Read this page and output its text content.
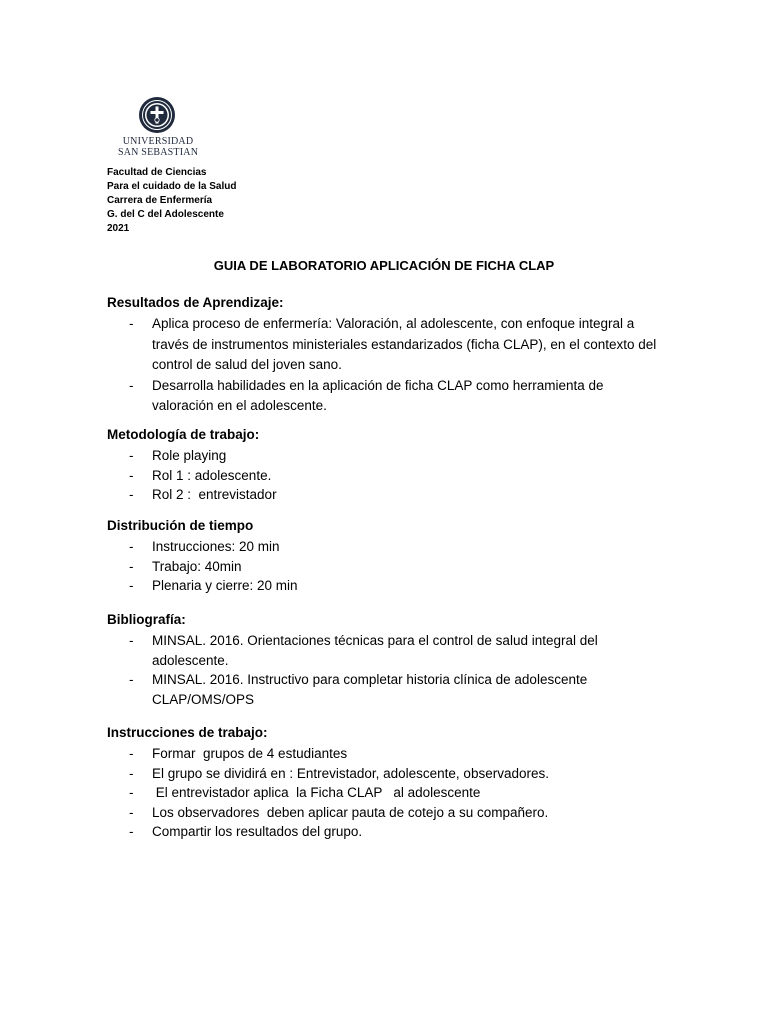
UNIVERSIDAD
SAN SEBASTIAN
Facultad de Ciencias
Para el cuidado de la Salud
Carrera de Enfermería
G. del C del Adolescente
2021
GUIA DE LABORATORIO APLICACIÓN DE FICHA CLAP
Resultados de Aprendizaje:
- Aplica proceso de enfermería: Valoración, al adolescente, con enfoque integral a través de instrumentos ministeriales estandarizados (ficha CLAP), en el contexto del control de salud del joven sano.
- Desarrolla habilidades en la aplicación de ficha CLAP como herramienta de valoración en el adolescente.
Metodología de trabajo:
- Role playing
- Rol 1 : adolescente.
- Rol 2 :  entrevistador
Distribución de tiempo
- Instrucciones: 20 min
- Trabajo: 40min
- Plenaria y cierre: 20 min
Bibliografía:
- MINSAL. 2016. Orientaciones técnicas para el control de salud integral del adolescente.
- MINSAL. 2016. Instructivo para completar historia clínica de adolescente CLAP/OMS/OPS
Instrucciones de trabajo:
- Formar  grupos de 4 estudiantes
- El grupo se dividirá en : Entrevistador, adolescente, observadores.
- El entrevistador aplica  la Ficha CLAP   al adolescente
- Los observadores  deben aplicar pauta de cotejo a su compañero.
- Compartir los resultados del grupo.
